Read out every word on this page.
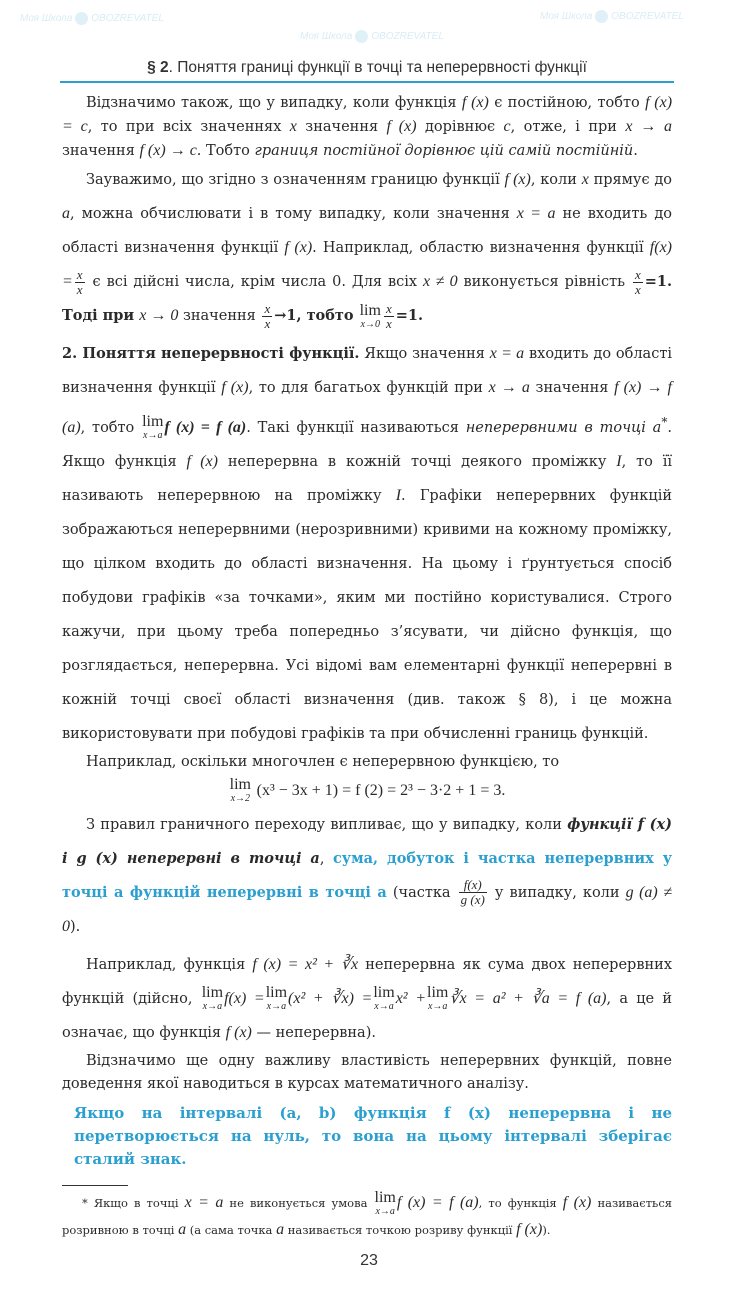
Моя Школа OBOZREVATEL
Моя Школа OBOZREVATEL
Моя Школа OBOZREVATEL
§ 2. Поняття границі функції в точці та неперервності функції

Відзначимо також, що у випадку, коли функція f (x) є постійною, тобто f (x) = c, то при всіх значеннях x значення f (x) дорівнює c, отже, і при x → a значення f (x) → c. Тобто границя постійної дорівнює цій самій постійній.

Зауважимо, що згідно з означенням границю функції f (x), коли x прямує до a, можна обчислювати і в тому випадку, коли значення x = a не входить до області визначення функції f (x). Наприклад, областю визначення функції $f(x) = \frac{x}{x}$ є всі дійсні числа, крім числа 0. Для всіх x ≠ 0 виконується рівність $\frac{x}{x} =1$. Тоді при x → 0 значення $\frac{x}{x} \to 1$, тобто lim
$x\to 0 \frac{x}{x} =1$.

2. Поняття неперервності функції. Якщо значення x = a входить до області визначення функції f (x), то для багатьох функцій при x → a значення f (x) → f (a), тобто lim
x→a f (x) = f (a). Такі функції називаються неперервними в точці a*. Якщо функція f (x) неперервна в кожній точці деякого проміжку I, то її називають неперервною на проміжку I. Графіки неперервних функцій зображаються неперервними (нерозривними) кривими на кожному проміжку, що цілком входить до області визначення. На цьому і ґрунтується спосіб побудови графіків «за точками», яким ми постійно користувалися. Строго кажучи, при цьому треба попередньо з’ясувати, чи дійсно функція, що розглядається, неперервна. Усі відомі вам елементарні функції неперервні в кожній точці своєї області визначення (див. також § 8), і це можна використовувати при побудові графіків та при обчисленні границь функцій.

Наприклад, оскільки многочлен є неперервною функцією, то

lim
x→2 (x³ − 3x + 1) = f (2) = 2³ − 3·2 + 1 = 3.

З правил граничного переходу випливає, що у випадку, коли функції f (x) і g (x) неперервні в точці a, сума, добуток і частка неперервних у точці a функцій неперервні в точці a (частка $\frac{f(x)}{g (x)}$ у випадку, коли g (a) ≠ 0).

Наприклад, функція f (x) = x² + ∛x неперервна як сума двох неперервних функцій (дійсно, lim
x→a f(x) = lim
x→a (x² + ∛x) = lim
x→a x² + lim
x→a ∛x = a² + ∛a = f (a), а це й означає, що функція f (x) — неперервна).

Відзначимо ще одну важливу властивість неперервних функцій, повне доведення якої наводиться в курсах математичного аналізу.

Якщо на інтервалі (a, b) функція f (x) неперервна і не перетворюється на нуль, то вона на цьому інтервалі зберігає сталий знак.

* Якщо в точці x = a не виконується умова lim
x→a
f (x) = f (a), то функція f (x) називається розривною в точці a (а сама точка a називається точкою розриву функції f (x)).
23
